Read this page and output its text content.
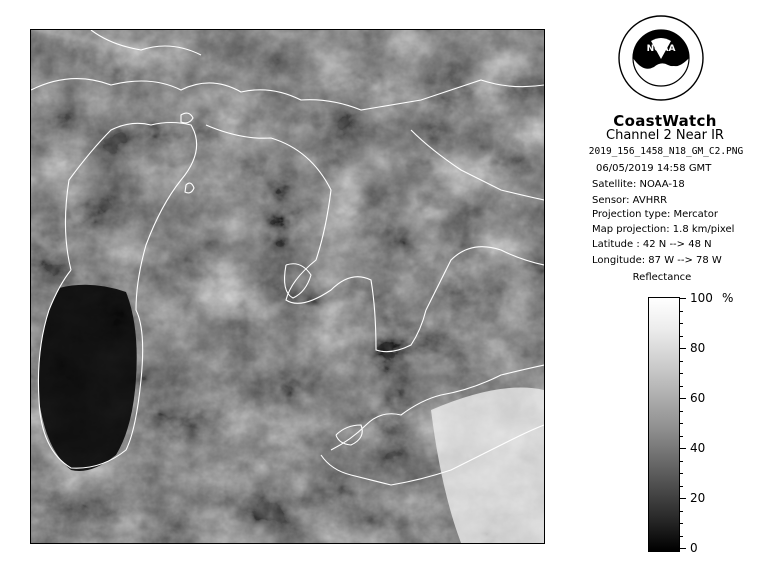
NOAA
CoastWatch
Channel 2 Near IR
2019_156_1458_N18_GM_C2.PNG
06/05/2019 14:58 GMT
Satellite: NOAA-18
Sensor: AVHRR
Projection type: Mercator
Map projection: 1.8 km/pixel
Latitude : 42 N --> 48 N
Longitude: 87 W --> 78 W
Reflectance
%
100
80
60
40
20
0
